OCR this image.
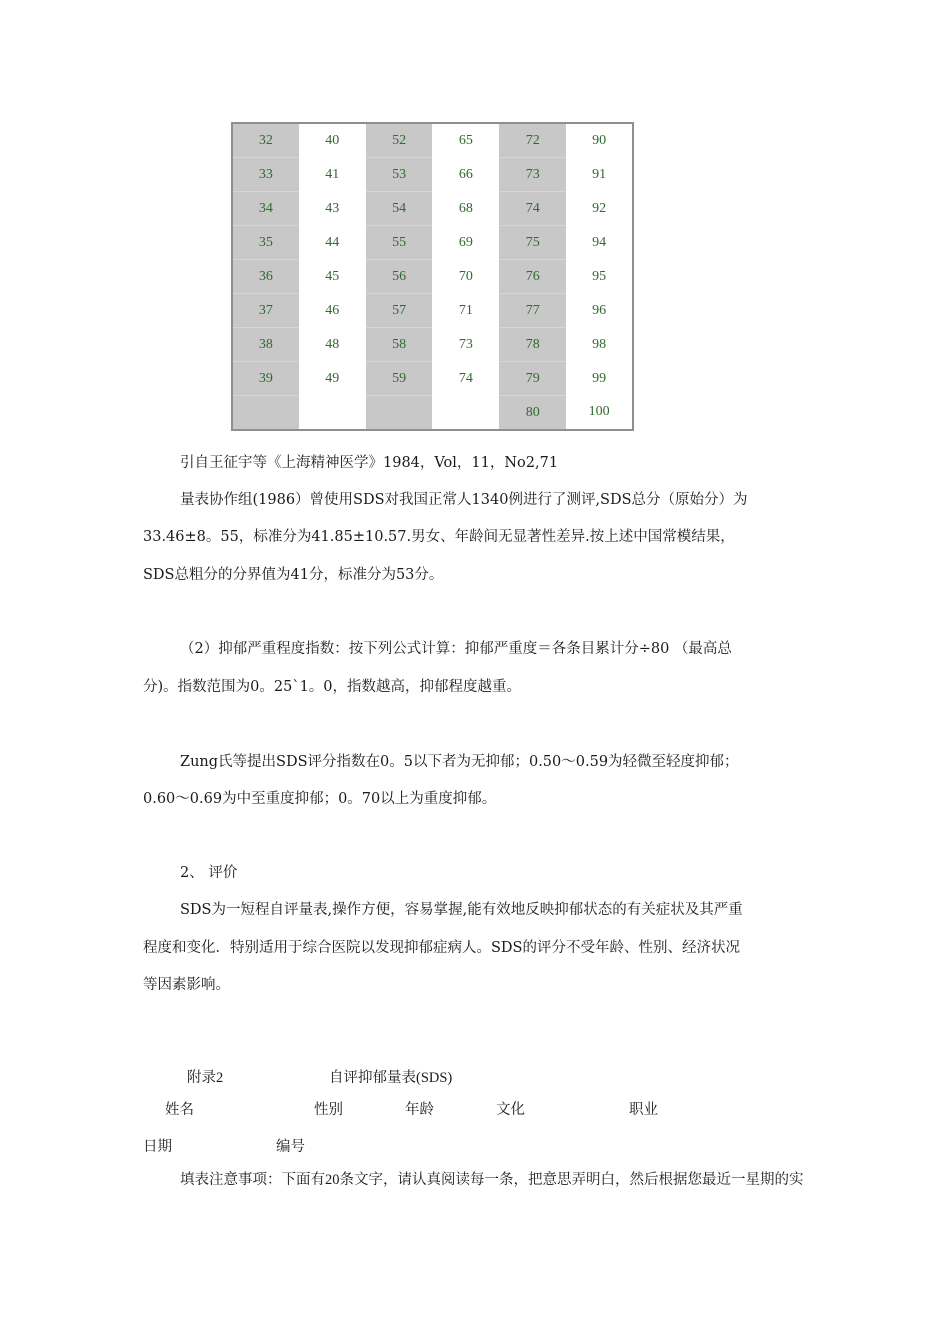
32	40	52	65	72	90
33	41	53	66	73	91
34	43	54	68	74	92
35	44	55	69	75	94
36	45	56	70	76	95
37	46	57	71	77	96
38	48	58	73	78	98
39	49	59	74	79	99
				80	100
引自王征宇等《上海精神医学》1984，Vol，11，No2,71
量表协作组(1986）曾使用SDS对我国正常人1340例进行了测评,SDS总分（原始分）为
33.46±8。55，标准分为41.85±10.57.男女、年龄间无显著性差异.按上述中国常模结果，
SDS总粗分的分界值为41分，标准分为53分。
（2）抑郁严重程度指数：按下列公式计算：抑郁严重度＝各条目累计分÷80 （最高总
分)。指数范围为0。25`1。0，指数越高，抑郁程度越重。
Zung氏等提出SDS评分指数在0。5以下者为无抑郁；0.50～0.59为轻微至轻度抑郁；
0.60～0.69为中至重度抑郁；0。70以上为重度抑郁。
2、 评价
SDS为一短程自评量表,操作方便，容易掌握,能有效地反映抑郁状态的有关症状及其严重
程度和变化．特别适用于综合医院以发现抑郁症病人。SDS的评分不受年龄、性别、经济状况
等因素影响。
附录2	自评抑郁量表(SDS)
姓名	性别	年龄	文化	职业
日期	编号
填表注意事项：下面有20条文字，请认真阅读每一条，把意思弄明白，然后根据您最近一星期的实
